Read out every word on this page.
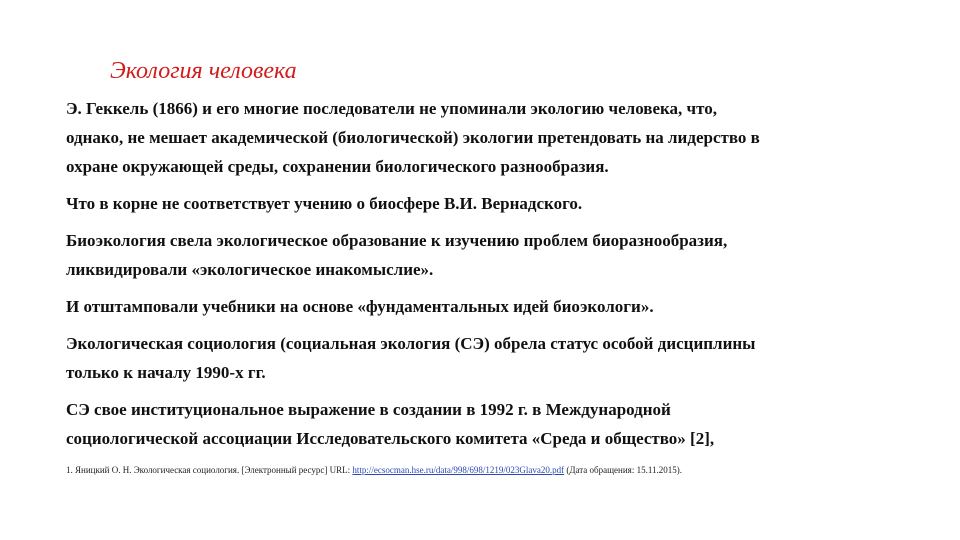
Экология человека
Э. Геккель (1866) и его многие последователи не упоминали экологию человека, что,
однако, не мешает академической (биологической) экологии претендовать на лидерство в
охране окружающей среды, сохранении биологического разнообразия.
Что в корне не соответствует учению о биосфере В.И. Вернадского.
Биоэкология свела экологическое образование к изучению проблем биоразнообразия,
ликвидировали «экологическое инакомыслие».
И отштамповали учебники на основе «фундаментальных идей биоэкологи».
Экологическая социология (социальная экология (СЭ) обрела статус особой дисциплины
только к началу 1990-х гг.
СЭ свое институциональное выражение в создании в 1992 г. в Международной
социологической ассоциации Исследовательского комитета «Среда и общество» [2],
1. Яницкий О. Н. Экологическая социология. [Электронный ресурс] URL: http://ecsocman.hse.ru/data/998/698/1219/023Glava20.pdf (Дата обращения: 15.11.2015).
